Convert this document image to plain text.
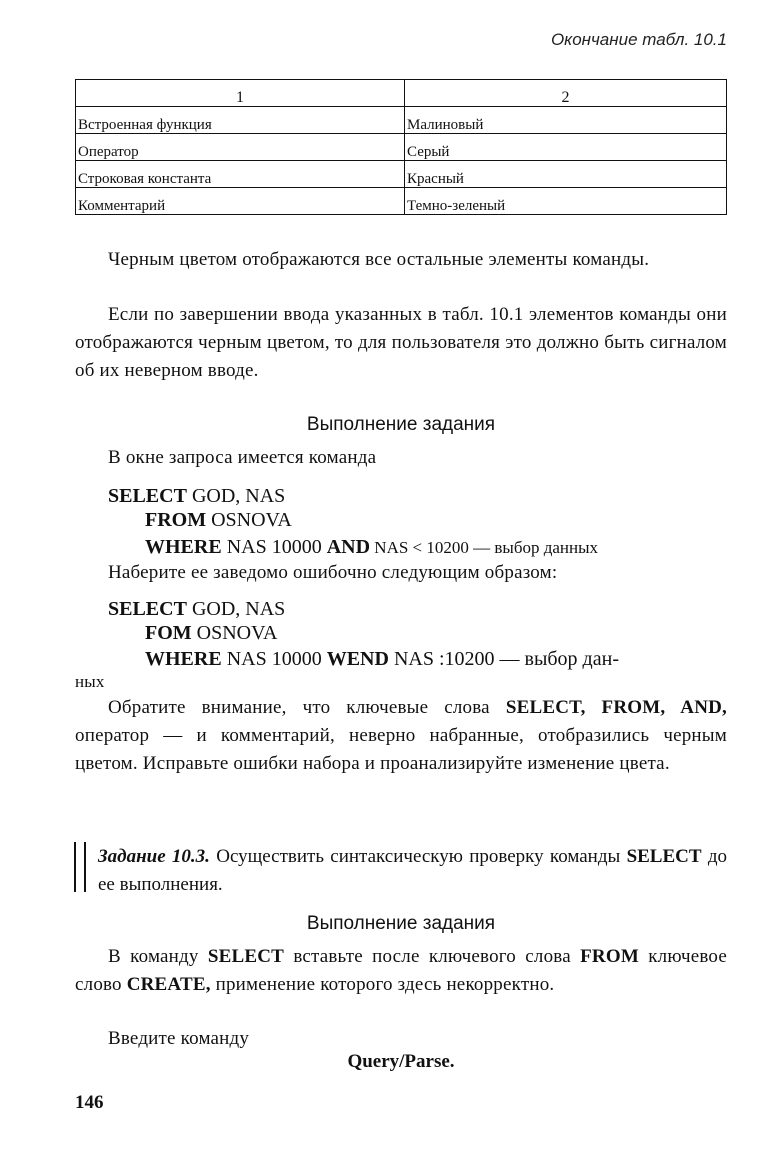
Окончание табл. 10.1
1	2
Встроенная функция	Малиновый
Оператор	Серый
Строковая константа	Красный
Комментарий	Темно-зеленый
Черным цветом отображаются все остальные элементы команды.
Если по завершении ввода указанных в табл. 10.1 элементов команды они отображаются черным цветом, то для пользователя это должно быть сигналом об их неверном вводе.
Выполнение задания
В окне запроса имеется команда
SELECT GOD, NAS
FROM OSNOVA
WHERE NAS 10000 AND NAS < 10200 — выбор данных
Наберите ее заведомо ошибочно следующим образом:
SELECT GOD, NAS
FOM OSNOVA
WHERE NAS 10000 WEND NAS :10200 — выбор дан-
ных
Обратите внимание, что ключевые слова SELECT, FROM, AND, оператор — и комментарий, неверно набранные, отобразились черным цветом. Исправьте ошибки набора и проанализируйте изменение цвета.
Задание 10.3. Осуществить синтаксическую проверку команды SELECT до ее выполнения.
Выполнение задания
В команду SELECT вставьте после ключевого слова FROM ключевое слово CREATE, применение которого здесь некорректно.
Введите команду
Query/Parse.
146
